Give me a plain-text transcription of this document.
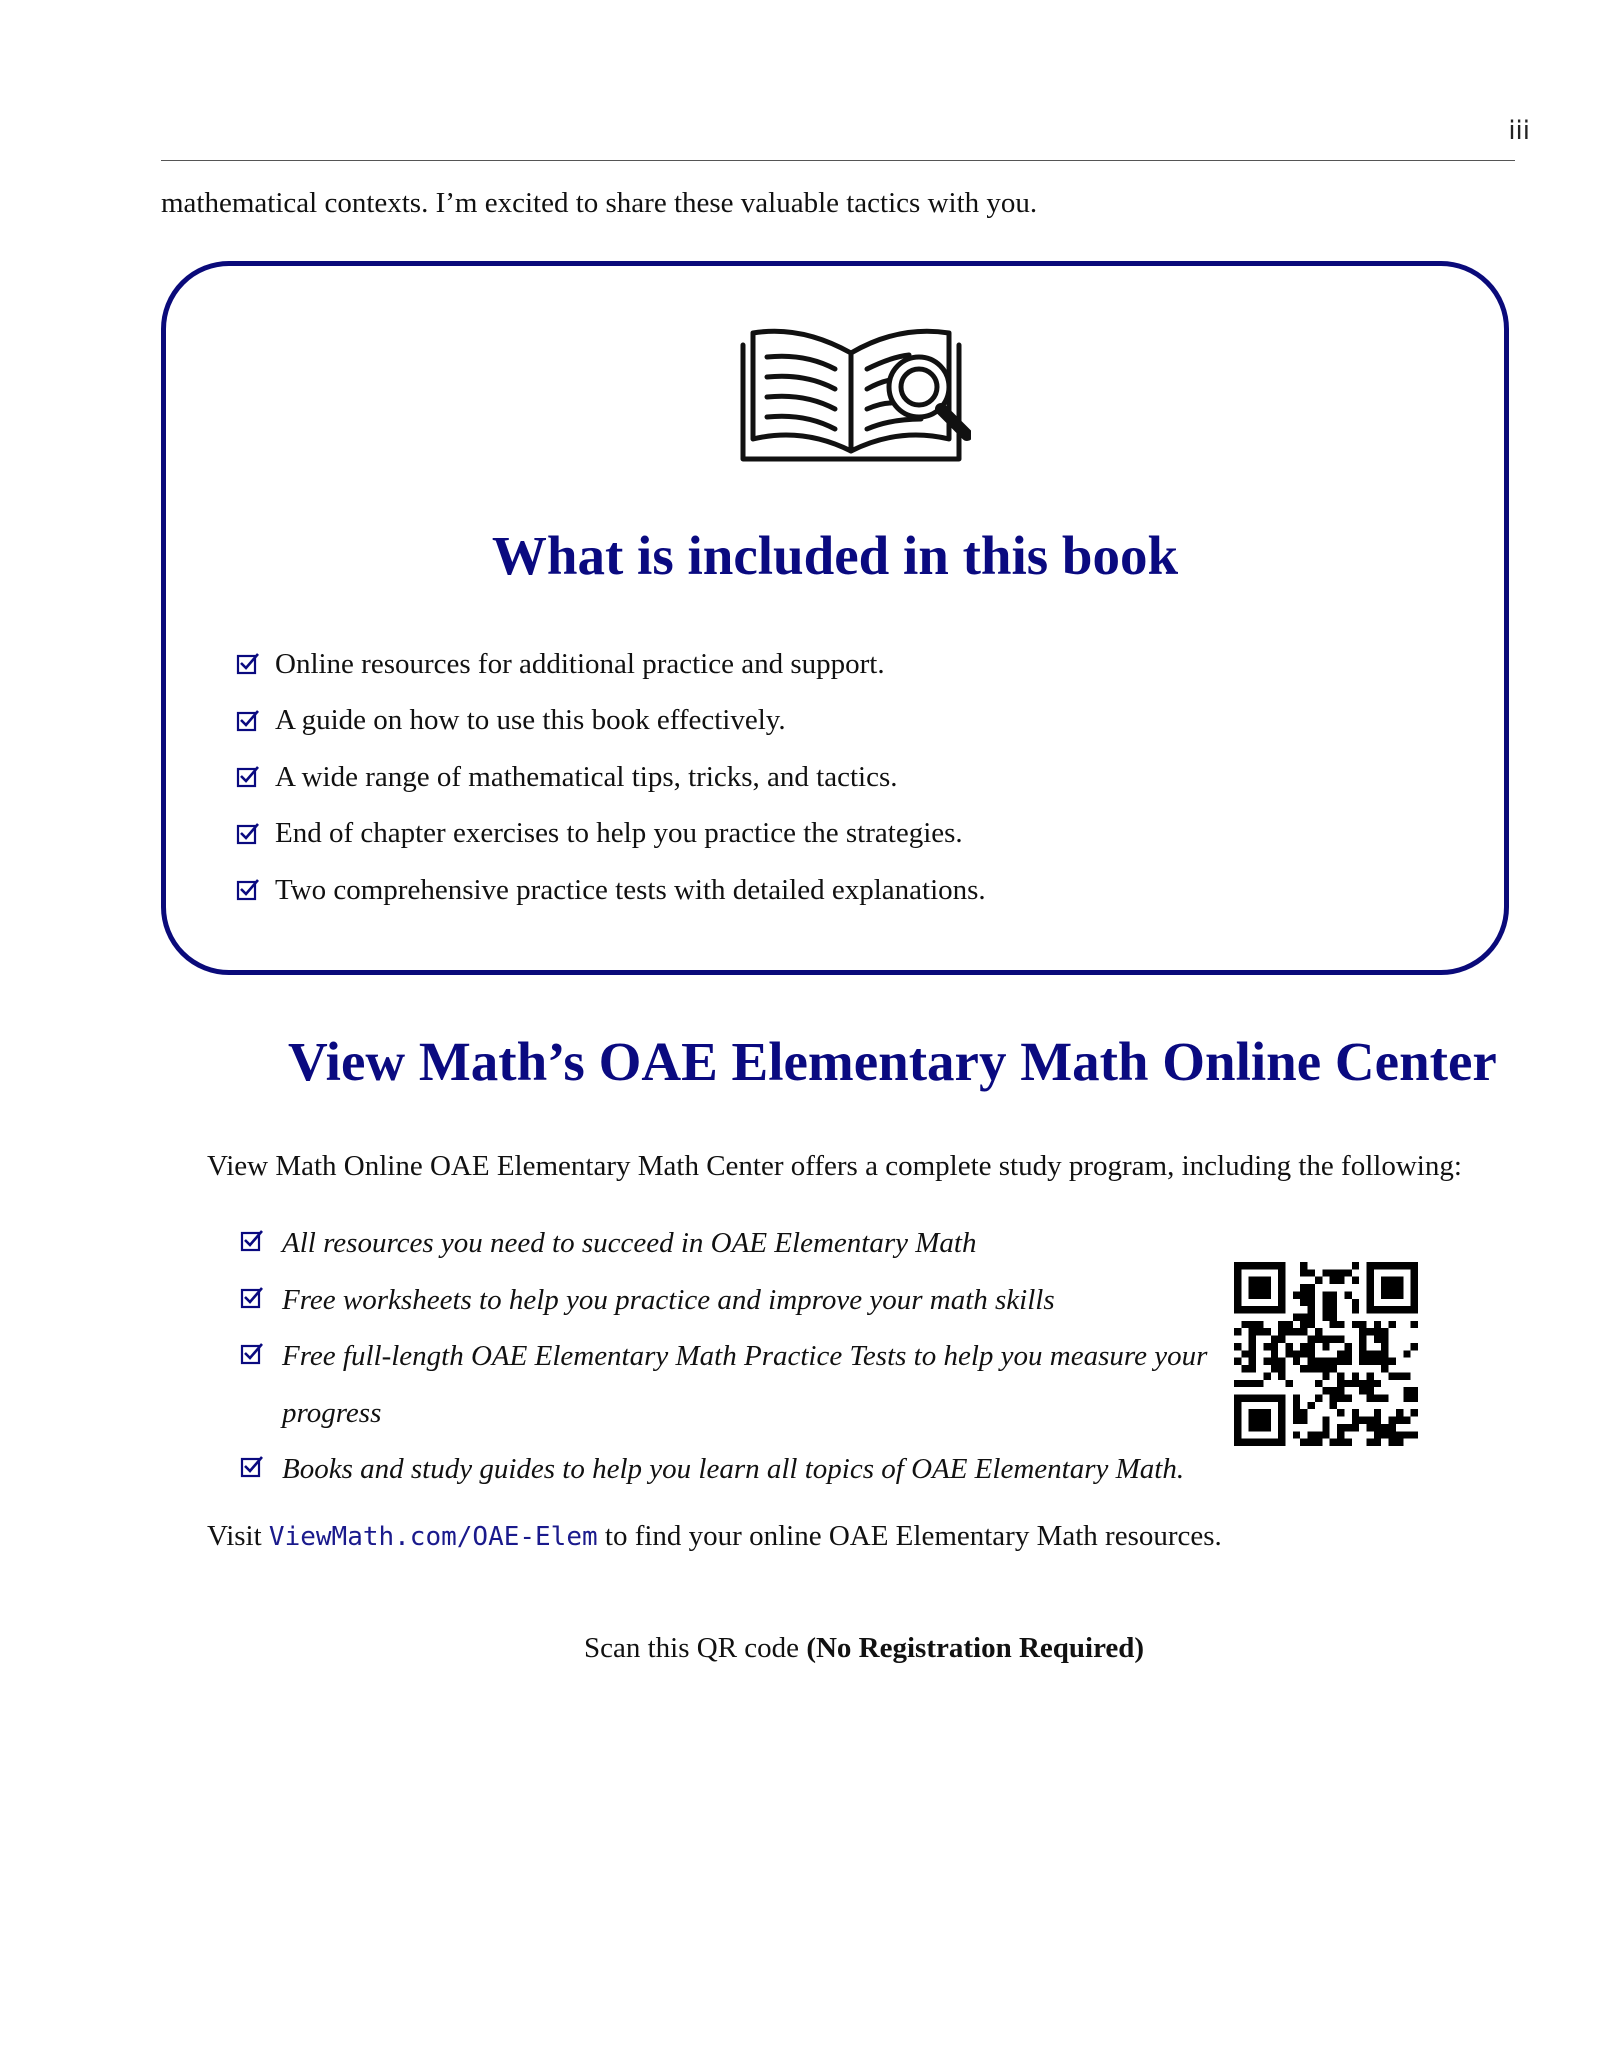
iii
mathematical contexts. I’m excited to share these valuable tactics with you.
What is included in this book
Online resources for additional practice and support.
A guide on how to use this book effectively.
A wide range of mathematical tips, tricks, and tactics.
End of chapter exercises to help you practice the strategies.
Two comprehensive practice tests with detailed explanations.
View Math’s OAE Elementary Math Online Center
View Math Online OAE Elementary Math Center offers a complete study program, including the following:
All resources you need to succeed in OAE Elementary Math
Free worksheets to help you practice and improve your math skills
Free full-length OAE Elementary Math Practice Tests to help you measure your progress
Books and study guides to help you learn all topics of OAE Elementary Math.
Visit ViewMath.com/OAE-Elem to find your online OAE Elementary Math resources.
Scan this QR code (No Registration Required)
